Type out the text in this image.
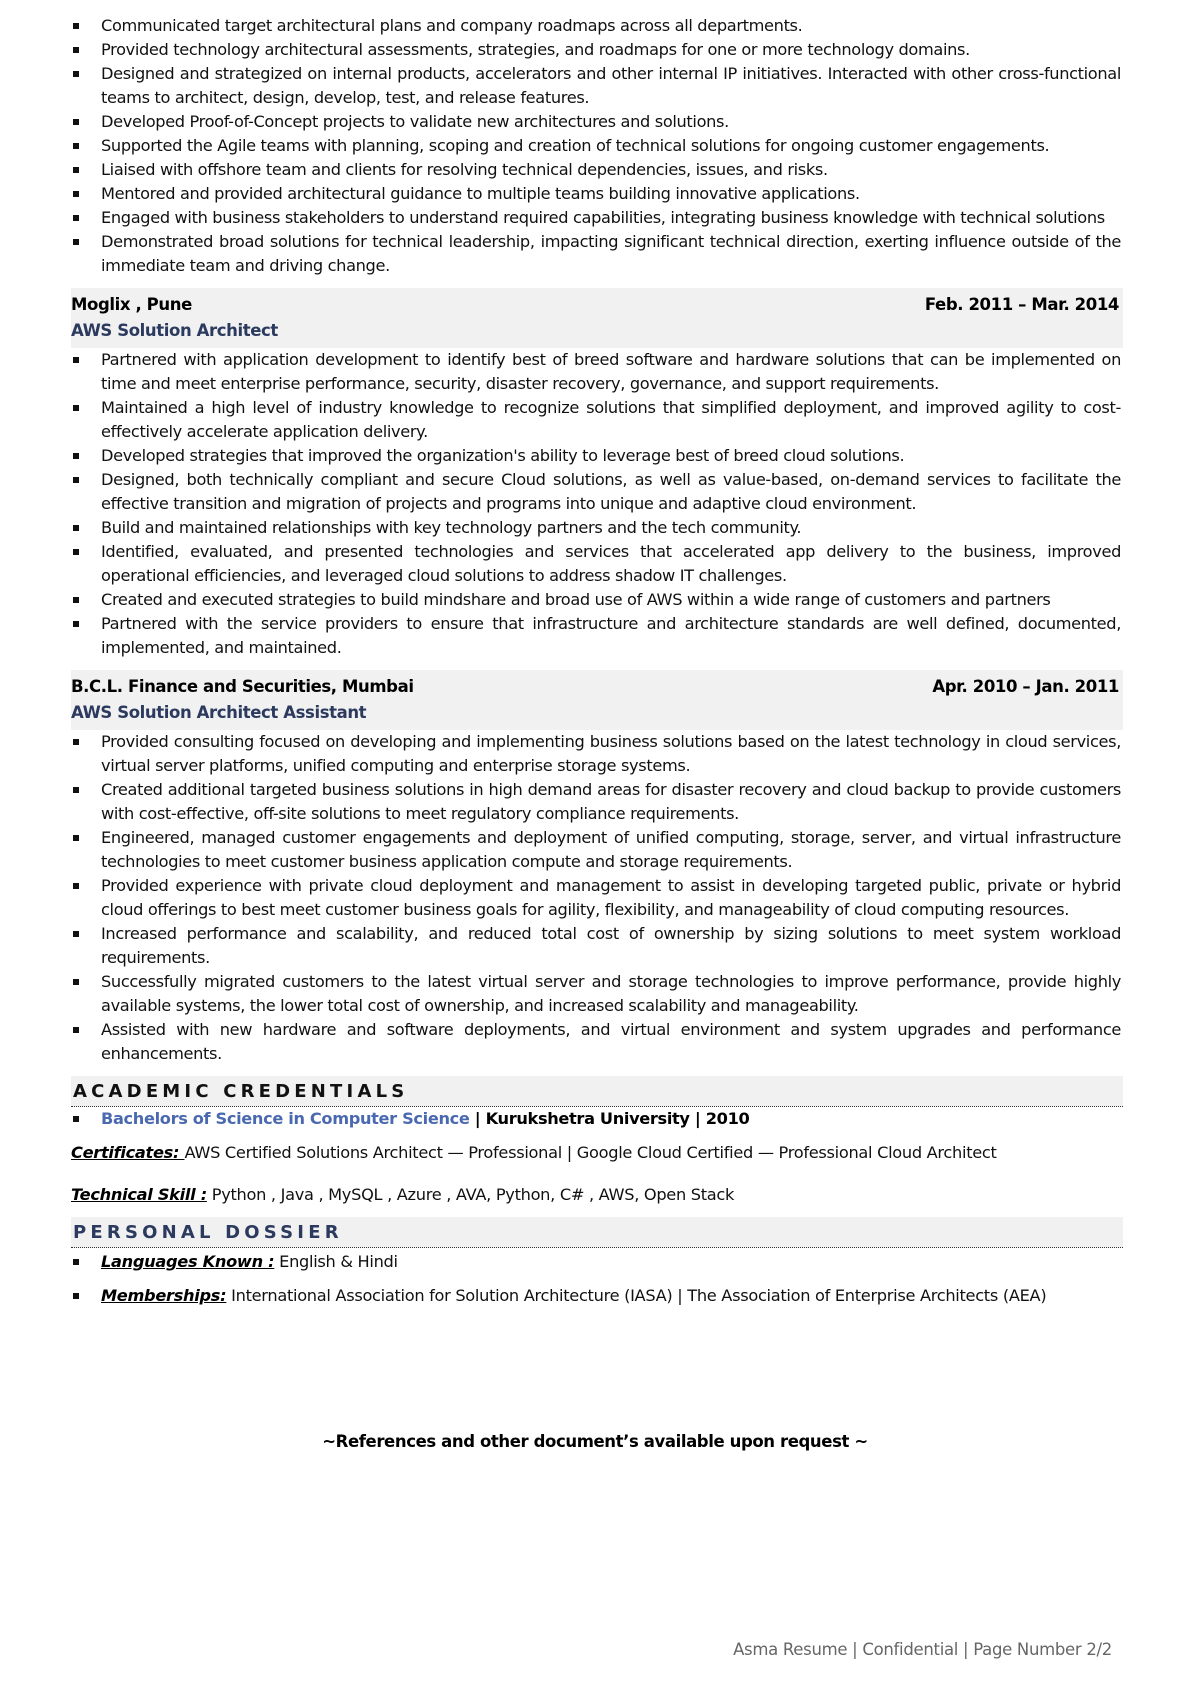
Communicated target architectural plans and company roadmaps across all departments.
Provided technology architectural assessments, strategies, and roadmaps for one or more technology domains.
Designed and strategized on internal products, accelerators and other internal IP initiatives. Interacted with other cross-functional teams to architect, design, develop, test, and release features.
Developed Proof-of-Concept projects to validate new architectures and solutions.
Supported the Agile teams with planning, scoping and creation of technical solutions for ongoing customer engagements.
Liaised with offshore team and clients for resolving technical dependencies, issues, and risks.
Mentored and provided architectural guidance to multiple teams building innovative applications.
Engaged with business stakeholders to understand required capabilities, integrating business knowledge with technical solutions
Demonstrated broad solutions for technical leadership, impacting significant technical direction, exerting influence outside of the immediate team and driving change.
Moglix , Pune	Feb. 2011 – Mar. 2014
AWS Solution Architect
Partnered with application development to identify best of breed software and hardware solutions that can be implemented on time and meet enterprise performance, security, disaster recovery, governance, and support requirements.
Maintained a high level of industry knowledge to recognize solutions that simplified deployment, and improved agility to cost-effectively accelerate application delivery.
Developed strategies that improved the organization's ability to leverage best of breed cloud solutions.
Designed, both technically compliant and secure Cloud solutions, as well as value-based, on-demand services to facilitate the effective transition and migration of projects and programs into unique and adaptive cloud environment.
Build and maintained relationships with key technology partners and the tech community.
Identified, evaluated, and presented technologies and services that accelerated app delivery to the business, improved operational efficiencies, and leveraged cloud solutions to address shadow IT challenges.
Created and executed strategies to build mindshare and broad use of AWS within a wide range of customers and partners
Partnered with the service providers to ensure that infrastructure and architecture standards are well defined, documented, implemented, and maintained.
B.C.L. Finance and Securities, Mumbai	Apr. 2010 – Jan. 2011
AWS Solution Architect Assistant
Provided consulting focused on developing and implementing business solutions based on the latest technology in cloud services, virtual server platforms, unified computing and enterprise storage systems.
Created additional targeted business solutions in high demand areas for disaster recovery and cloud backup to provide customers with cost-effective, off-site solutions to meet regulatory compliance requirements.
Engineered, managed customer engagements and deployment of unified computing, storage, server, and virtual infrastructure technologies to meet customer business application compute and storage requirements.
Provided experience with private cloud deployment and management to assist in developing targeted public, private or hybrid cloud offerings to best meet customer business goals for agility, flexibility, and manageability of cloud computing resources.
Increased performance and scalability, and reduced total cost of ownership by sizing solutions to meet system workload requirements.
Successfully migrated customers to the latest virtual server and storage technologies to improve performance, provide highly available systems, the lower total cost of ownership, and increased scalability and manageability.
Assisted with new hardware and software deployments, and virtual environment and system upgrades and performance enhancements.
ACADEMIC CREDENTIALS
Bachelors of Science in Computer Science | Kurukshetra University | 2010
Certificates: AWS Certified Solutions Architect — Professional | Google Cloud Certified — Professional Cloud Architect
Technical Skill : Python , Java , MySQL , Azure , AVA, Python, C# , AWS, Open Stack
PERSONAL DOSSIER
Languages Known : English & Hindi
Memberships: International Association for Solution Architecture (IASA) | The Association of Enterprise Architects (AEA)
~References and other document’s available upon request ~
Asma Resume | Confidential | Page Number 2/2
